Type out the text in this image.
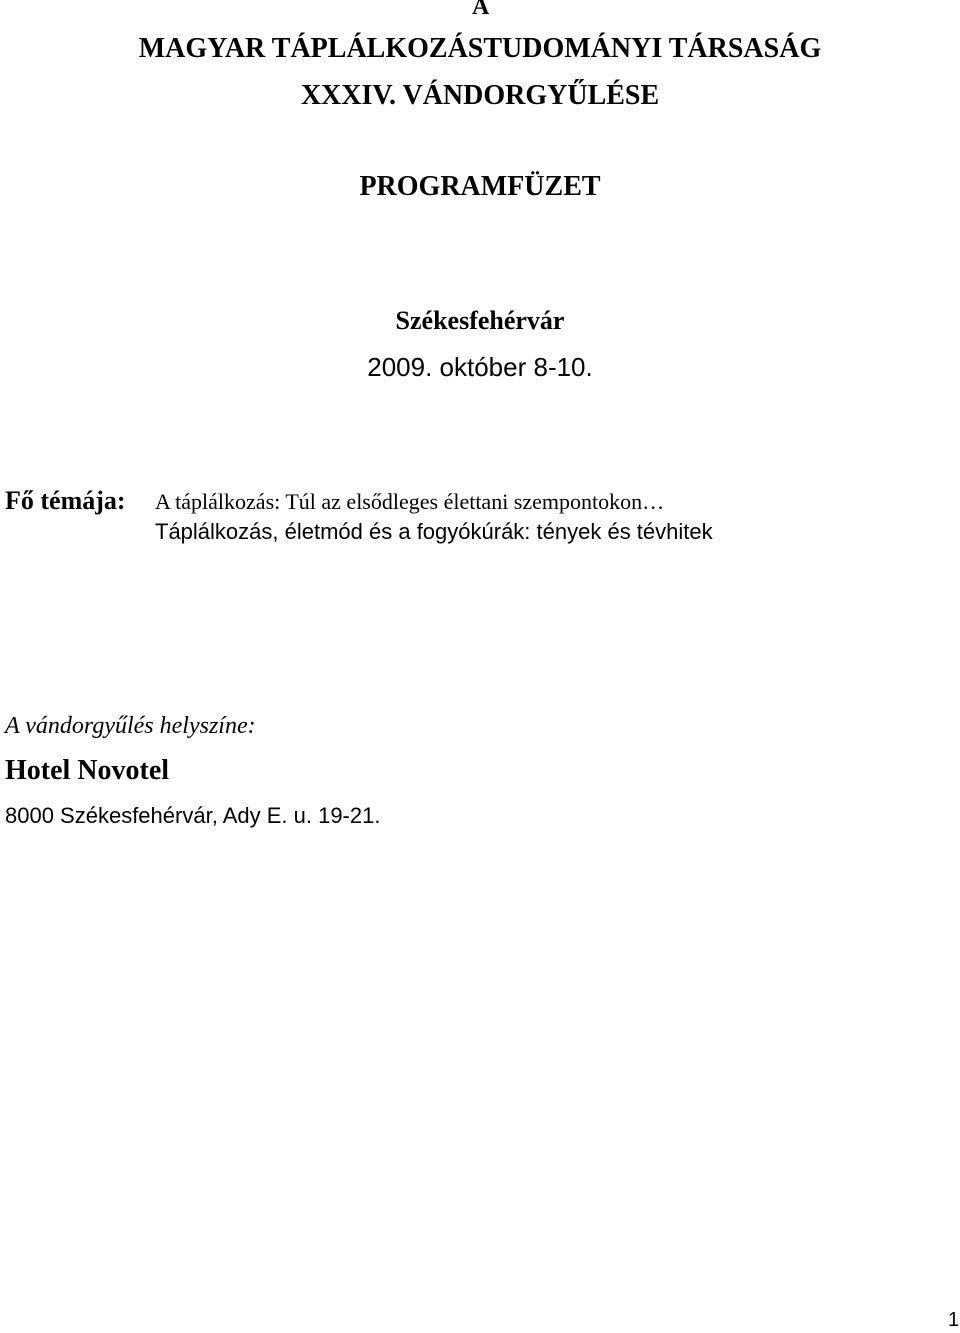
A
MAGYAR TÁPLÁLKOZÁSTUDOMÁNYI TÁRSASÁG
XXXIV. VÁNDORGYŰLÉSE
PROGRAMFÜZET
Székesfehérvár
2009. október 8-10.
Fő témája: A táplálkozás: Túl az elsődleges élettani szempontokon…
Táplálkozás, életmód és a fogyókúrák: tények és tévhitek
A vándorgyűlés helyszíne:
Hotel Novotel
8000 Székesfehérvár, Ady E. u. 19-21.
1
